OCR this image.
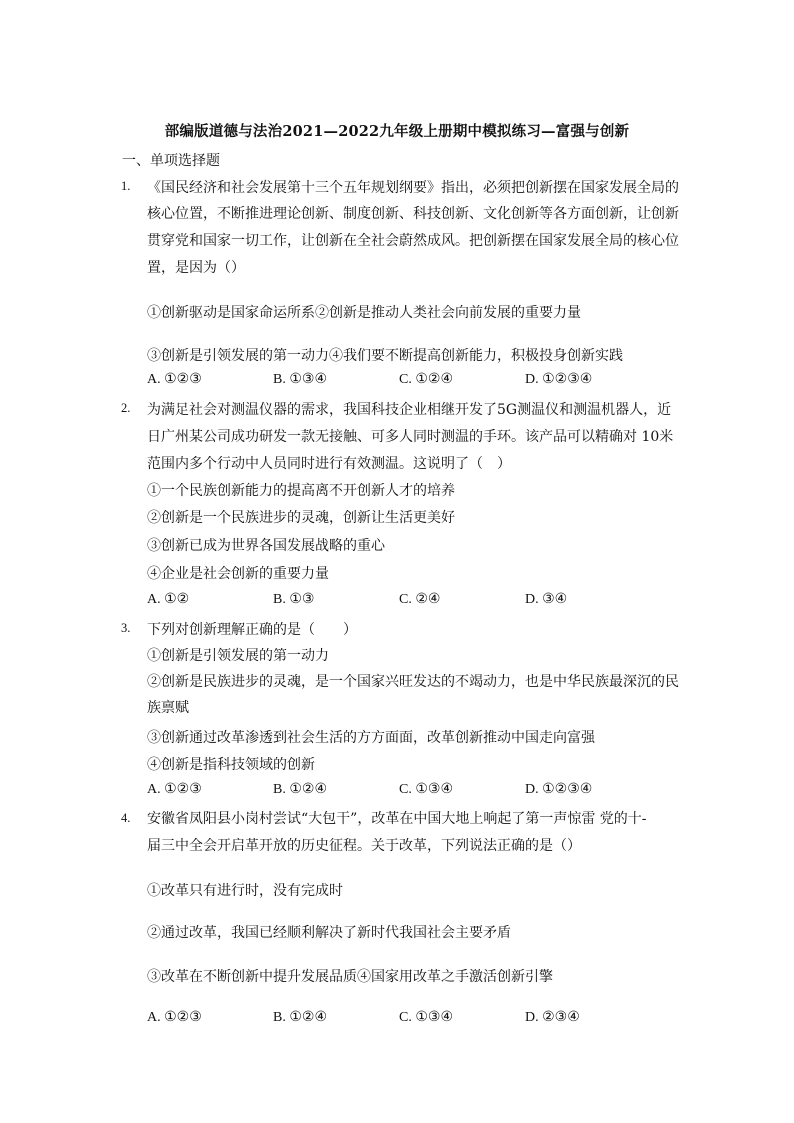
部编版道德与法治2021—2022九年级上册期中模拟练习—富强与创新
一、单项选择题
1. 《国民经济和社会发展第十三个五年规划纲要》指出，必须把创新摆在国家发展全局的
核心位置，不断推进理论创新、制度创新、科技创新、文化创新等各方面创新，让创新
贯穿党和国家一切工作，让创新在全社会蔚然成风。把创新摆在国家发展全局的核心位
置，是因为（）
①创新驱动是国家命运所系②创新是推动人类社会向前发展的重要力量
③创新是引领发展的第一动力④我们要不断提高创新能力，积极投身创新实践
A. ①②③	B. ①③④	C. ①②④	D. ①②③④
2. 为满足社会对测温仪器的需求，我国科技企业相继开发了5G测温仪和测温机器人，近
日广州某公司成功研发一款无接触、可多人同时测温的手环。该产品可以精确对 10米
范围内多个行动中人员同时进行有效测温。这说明了（　）
①一个民族创新能力的提高离不开创新人才的培养
②创新是一个民族进步的灵魂，创新让生活更美好
③创新已成为世界各国发展战略的重心
④企业是社会创新的重要力量
A. ①②	B. ①③	C. ②④	D. ③④
3. 下列对创新理解正确的是（　　）
①创新是引领发展的第一动力
②创新是民族进步的灵魂，是一个国家兴旺发达的不竭动力，也是中华民族最深沉的民
族禀赋
③创新通过改革渗透到社会生活的方方面面，改革创新推动中国走向富强
④创新是指科技领域的创新
A. ①②③	B. ①②④	C. ①③④	D. ①②③④
4. 安徽省凤阳县小岗村尝试“大包干”，改革在中国大地上响起了第一声惊雷 党的十-
届三中全会开启革开放的历史征程。关于改革，下列说法正确的是（）
①改革只有进行时，没有完成时
②通过改革，我国已经顺利解决了新时代我国社会主要矛盾
③改革在不断创新中提升发展品质④国家用改革之手激活创新引擎
A. ①②③	B. ①②④	C. ①③④	D. ②③④
